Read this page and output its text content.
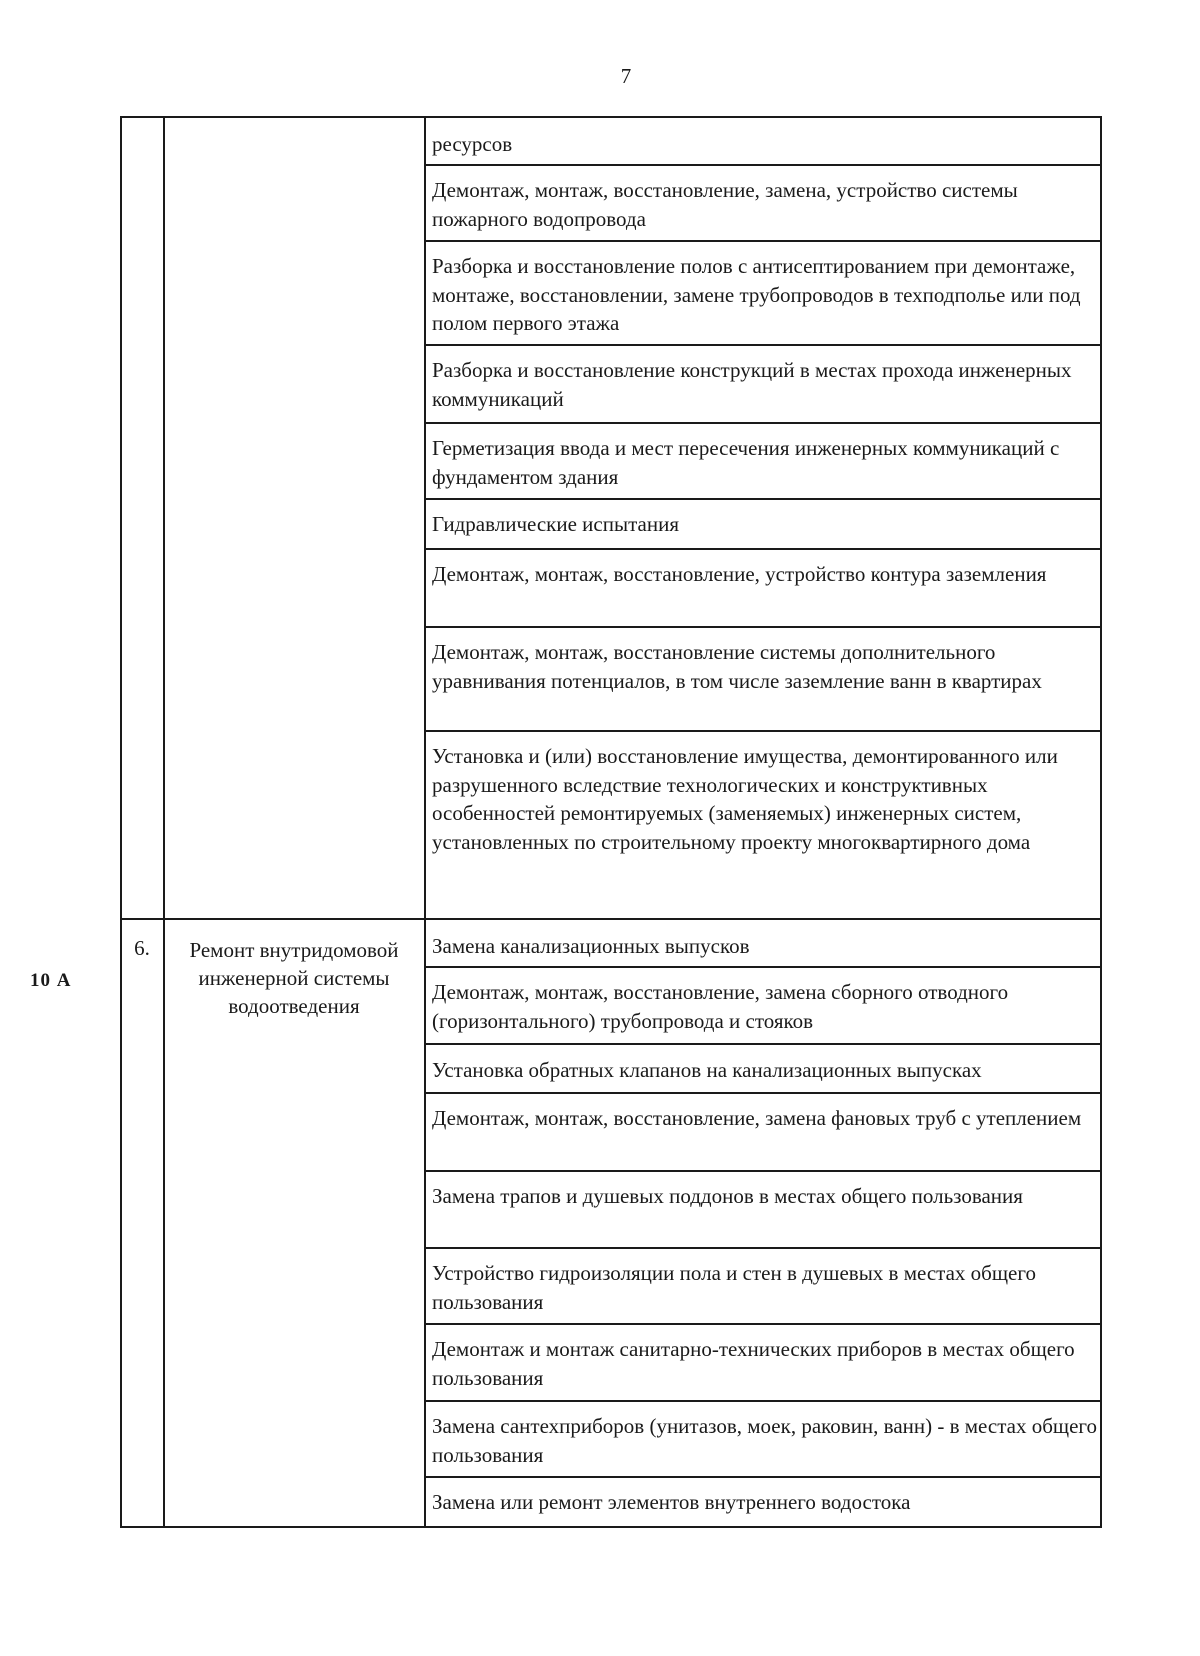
7
10 А
ресурсов
Демонтаж, монтаж, восстановление, замена, устройство системы пожарного водопровода
Разборка и восстановление полов с антисептированием при демонтаже, монтаже, восстановлении, замене трубопроводов в техподполье или под полом первого этажа
Разборка и восстановление конструкций в местах прохода инженерных коммуникаций
Герметизация ввода и мест пересечения инженерных коммуникаций с фундаментом здания
Гидравлические испытания
Демонтаж, монтаж, восстановление, устройство контура заземления
Демонтаж, монтаж, восстановление системы дополнительного уравнивания потенциалов, в том числе заземление ванн в квартирах
Установка и (или) восстановление имущества, демонтированного или разрушенного вследствие технологических и конструктивных особенностей ремонтируемых (заменяемых) инженерных систем, установленных по строительному проекту многоквартирного дома
6.	Ремонт внутридомовой инженерной системы водоотведения
Замена канализационных выпусков
Демонтаж, монтаж, восстановление, замена сборного отводного (горизонтального) трубопровода и стояков
Установка обратных клапанов на канализационных выпусках
Демонтаж, монтаж, восстановление, замена фановых труб с утеплением
Замена трапов и душевых поддонов в местах общего пользования
Устройство гидроизоляции пола и стен в душевых в местах общего пользования
Демонтаж и монтаж санитарно-технических приборов в местах общего пользования
Замена сантехприборов (унитазов, моек, раковин, ванн) - в местах общего пользования
Замена или ремонт элементов внутреннего водостока
